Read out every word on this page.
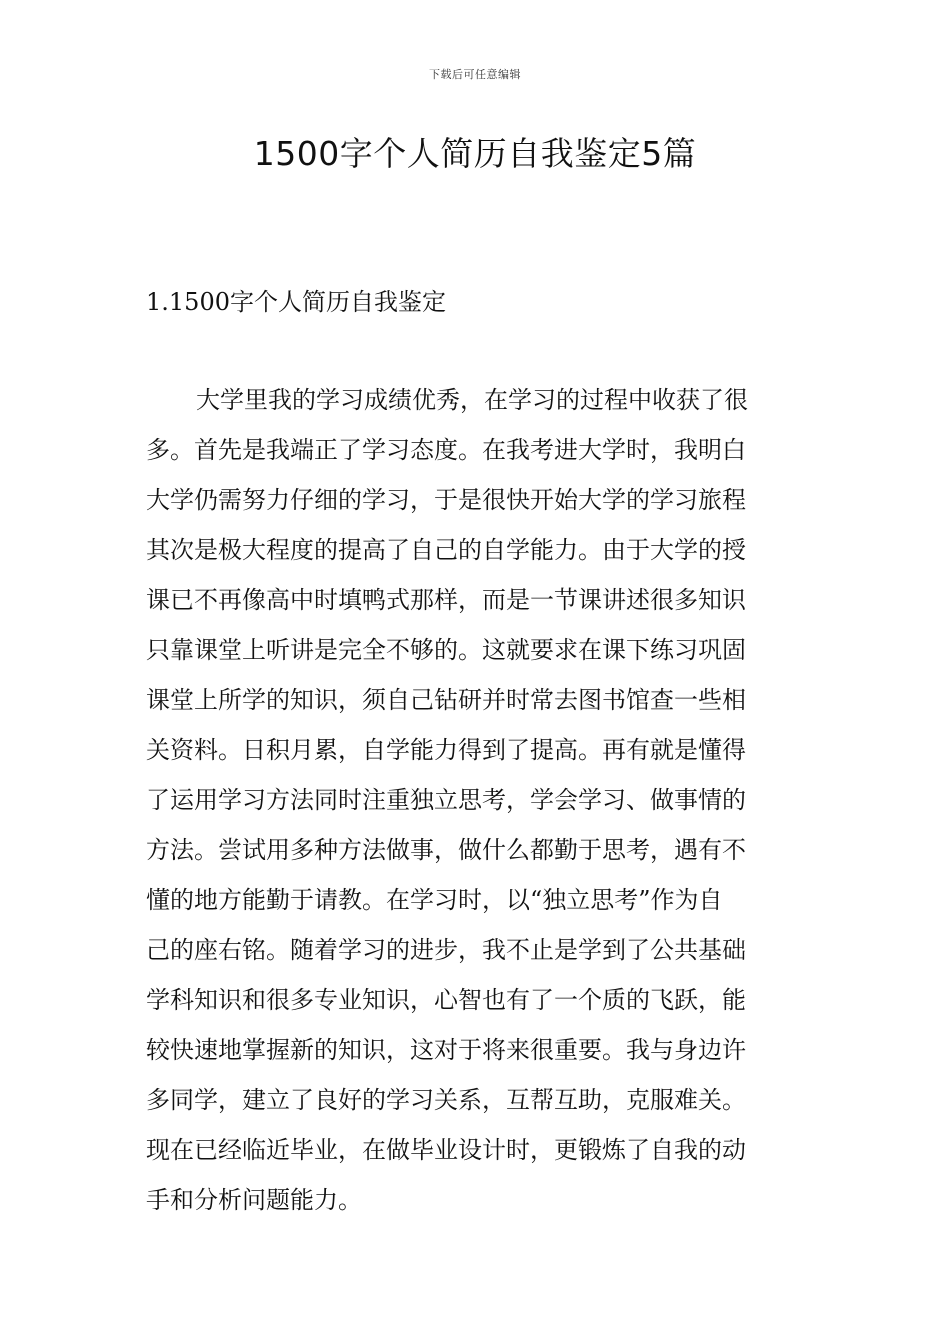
下载后可任意编辑
1500字个人简历自我鉴定5篇
1.1500字个人简历自我鉴定
大学里我的学习成绩优秀，在学习的过程中收获了很
多。首先是我端正了学习态度。在我考进大学时，我明白
大学仍需努力仔细的学习，于是很快开始大学的学习旅程
其次是极大程度的提高了自己的自学能力。由于大学的授
课已不再像高中时填鸭式那样，而是一节课讲述很多知识
只靠课堂上听讲是完全不够的。这就要求在课下练习巩固
课堂上所学的知识，须自己钻研并时常去图书馆查一些相
关资料。日积月累，自学能力得到了提高。再有就是懂得
了运用学习方法同时注重独立思考，学会学习、做事情的
方法。尝试用多种方法做事，做什么都勤于思考，遇有不
懂的地方能勤于请教。在学习时，以“独立思考”作为自
己的座右铭。随着学习的进步，我不止是学到了公共基础
学科知识和很多专业知识，心智也有了一个质的飞跃，能
较快速地掌握新的知识，这对于将来很重要。我与身边许
多同学，建立了良好的学习关系，互帮互助，克服难关。
现在已经临近毕业，在做毕业设计时，更锻炼了自我的动
手和分析问题能力。
